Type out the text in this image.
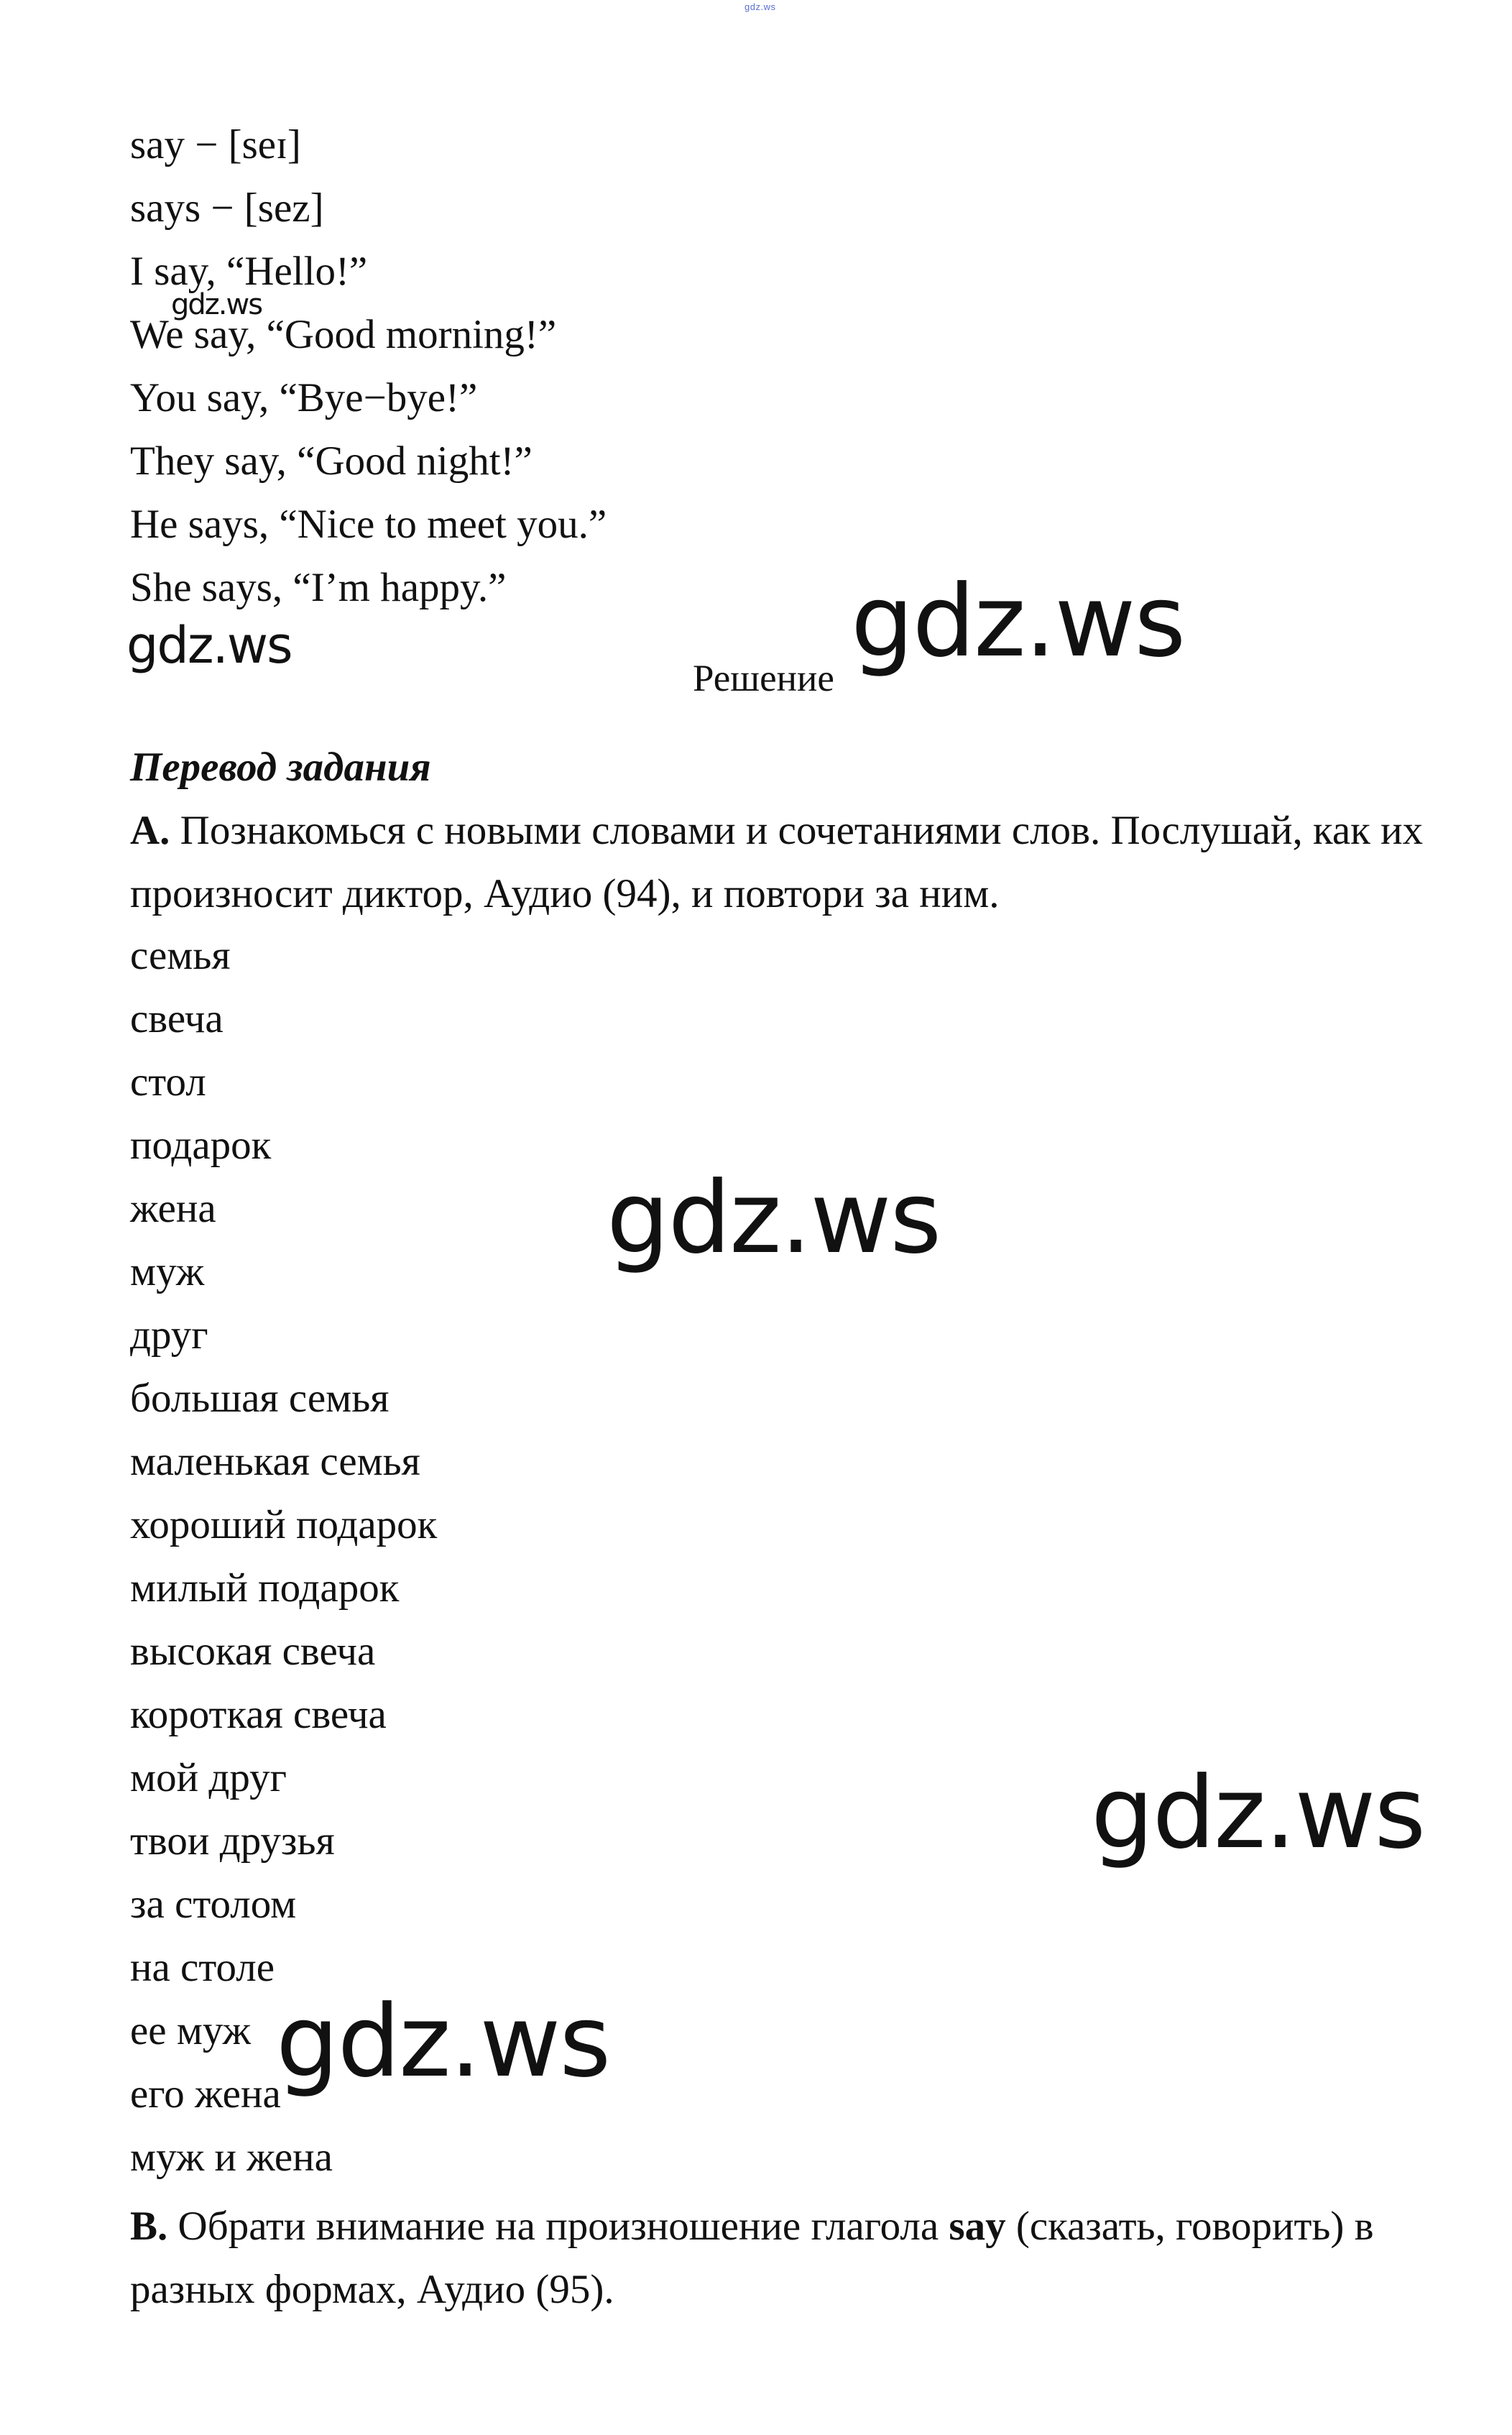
gdz.ws
say − [seɪ]
says − [sez]
I say, “Hello!”
We say, “Good morning!”
You say, “Bye−bye!”
They say, “Good night!”
He says, “Nice to meet you.”
She says, “I’m happy.”
Решение
Перевод задания
A. Познакомься с новыми словами и сочетаниями слов. Послушай, как их произносит диктор, Аудио (94), и повтори за ним.
семья
свеча
стол
подарок
жена
муж
друг
большая семья
маленькая семья
хороший подарок
милый подарок
высокая свеча
короткая свеча
мой друг
твои друзья
за столом
на столе
ее муж
его жена
муж и жена
B. Обрати внимание на произношение глагола say (сказать, говорить) в разных формах, Аудио (95).
gdz.ws
gdz.ws	gdz.ws
gdz.ws
gdz.ws
gdz.ws
